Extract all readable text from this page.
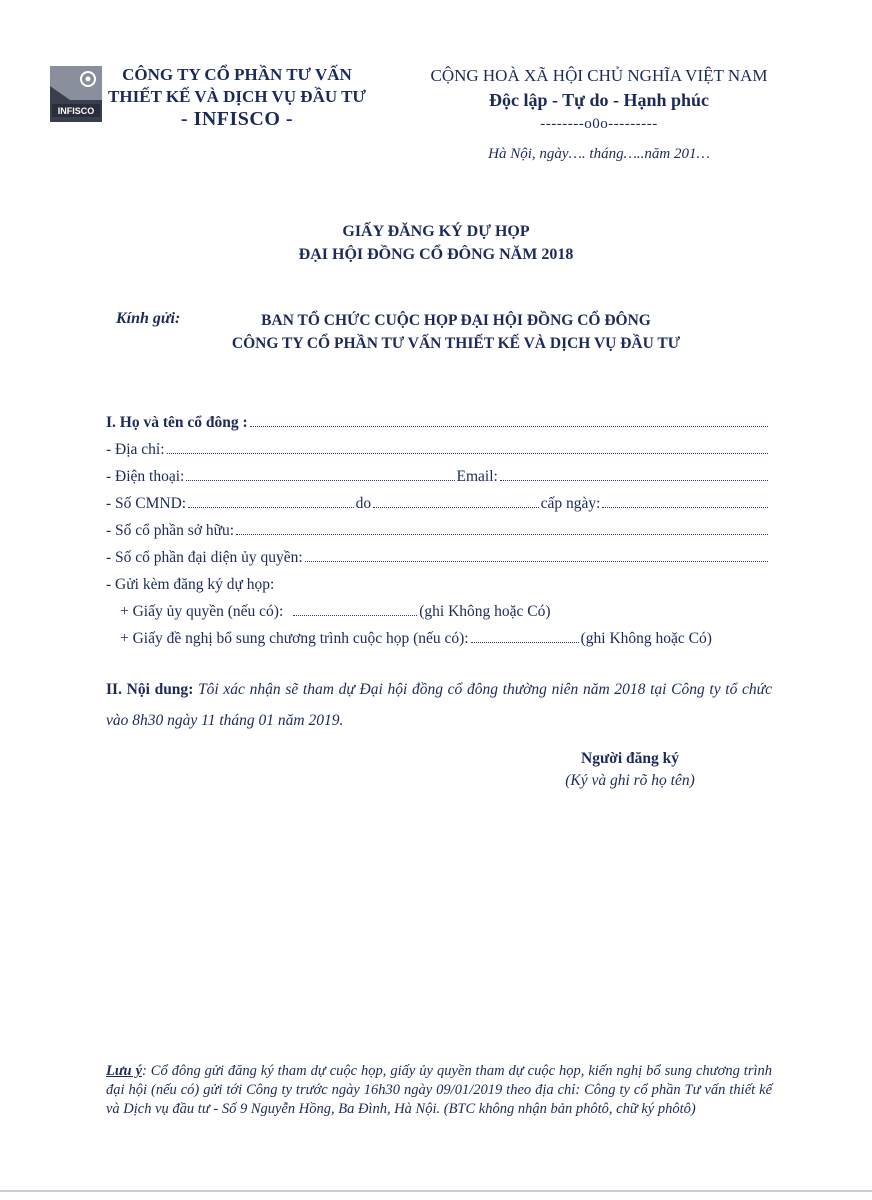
INFISCO
CÔNG TY CỔ PHẦN TƯ VẤN
THIẾT KẾ VÀ DỊCH VỤ ĐẦU TƯ
- INFISCO -
CỘNG HOÀ XÃ HỘI CHỦ NGHĨA VIỆT NAM
Độc lập - Tự do - Hạnh phúc
--------o0o---------
Hà Nội, ngày…. tháng…..năm 201…
GIẤY ĐĂNG KÝ DỰ HỌP
ĐẠI HỘI ĐỒNG CỔ ĐÔNG NĂM 2018
Kính gửi:	BAN TỔ CHỨC CUỘC HỌP ĐẠI HỘI ĐỒNG CỔ ĐÔNG
CÔNG TY CỔ PHẦN TƯ VẤN THIẾT KẾ VÀ DỊCH VỤ ĐẦU TƯ
I. Họ và tên cổ đông :
- Địa chỉ:
- Điện thoại:	Email:
- Số CMND:	do	cấp ngày:
- Số cổ phần sở hữu:
- Số cổ phần đại diện ủy quyền:
- Gửi kèm đăng ký dự họp:
+ Giấy ủy quyền (nếu có):	(ghi Không hoặc Có)
+ Giấy đề nghị bổ sung chương trình cuộc họp (nếu có):	(ghi Không hoặc Có)
II. Nội dung: Tôi xác nhận sẽ tham dự Đại hội đồng cổ đông thường niên năm 2018 tại Công ty tổ chức vào 8h30 ngày 11 tháng 01 năm 2019.
Người đăng ký
(Ký và ghi rõ họ tên)
Lưu ý: Cổ đông gửi đăng ký tham dự cuộc họp, giấy ủy quyền tham dự cuộc họp, kiến nghị bổ sung chương trình đại hội (nếu có) gửi tới Công ty trước ngày 16h30 ngày 09/01/2019 theo địa chỉ: Công ty cổ phần Tư vấn thiết kế và Dịch vụ đầu tư - Số 9 Nguyễn Hồng, Ba Đình, Hà Nội. (BTC không nhận bản phôtô, chữ ký phôtô)
